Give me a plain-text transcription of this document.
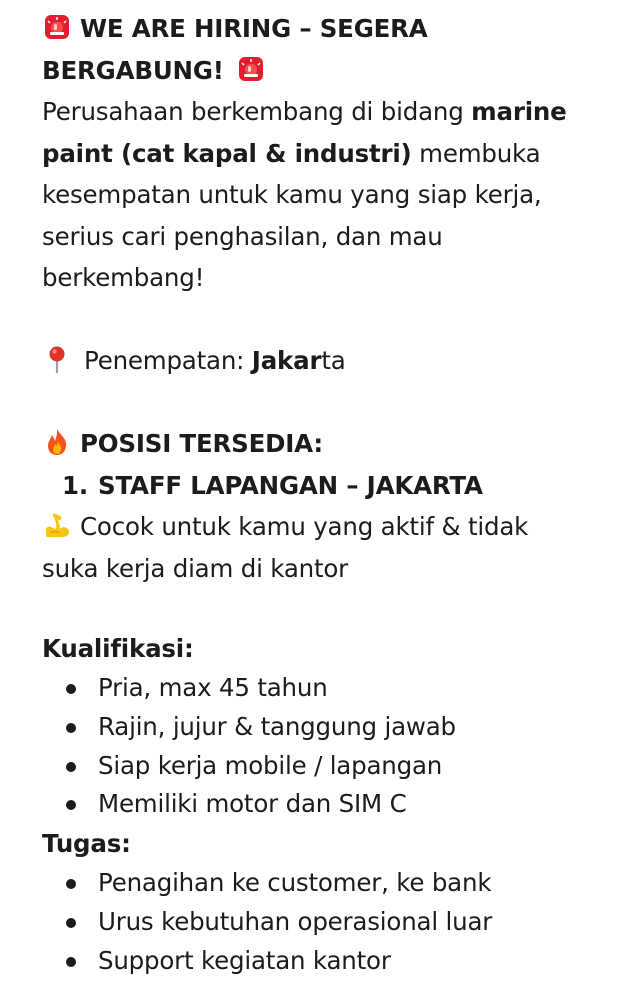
WE ARE HIRING – SEGERA
BERGABUNG!
Perusahaan berkembang di bidang marine
paint (cat kapal & industri) membuka
kesempatan untuk kamu yang siap kerja,
serius cari penghasilan, dan mau
berkembang!
Penempatan: Jakarta
POSISI TERSEDIA:
1. STAFF LAPANGAN – JAKARTA
Cocok untuk kamu yang aktif & tidak
suka kerja diam di kantor
Kualifikasi:
Pria, max 45 tahun
Rajin, jujur & tanggung jawab
Siap kerja mobile / lapangan
Memiliki motor dan SIM C
Tugas:
Penagihan ke customer, ke bank
Urus kebutuhan operasional luar
Support kegiatan kantor
